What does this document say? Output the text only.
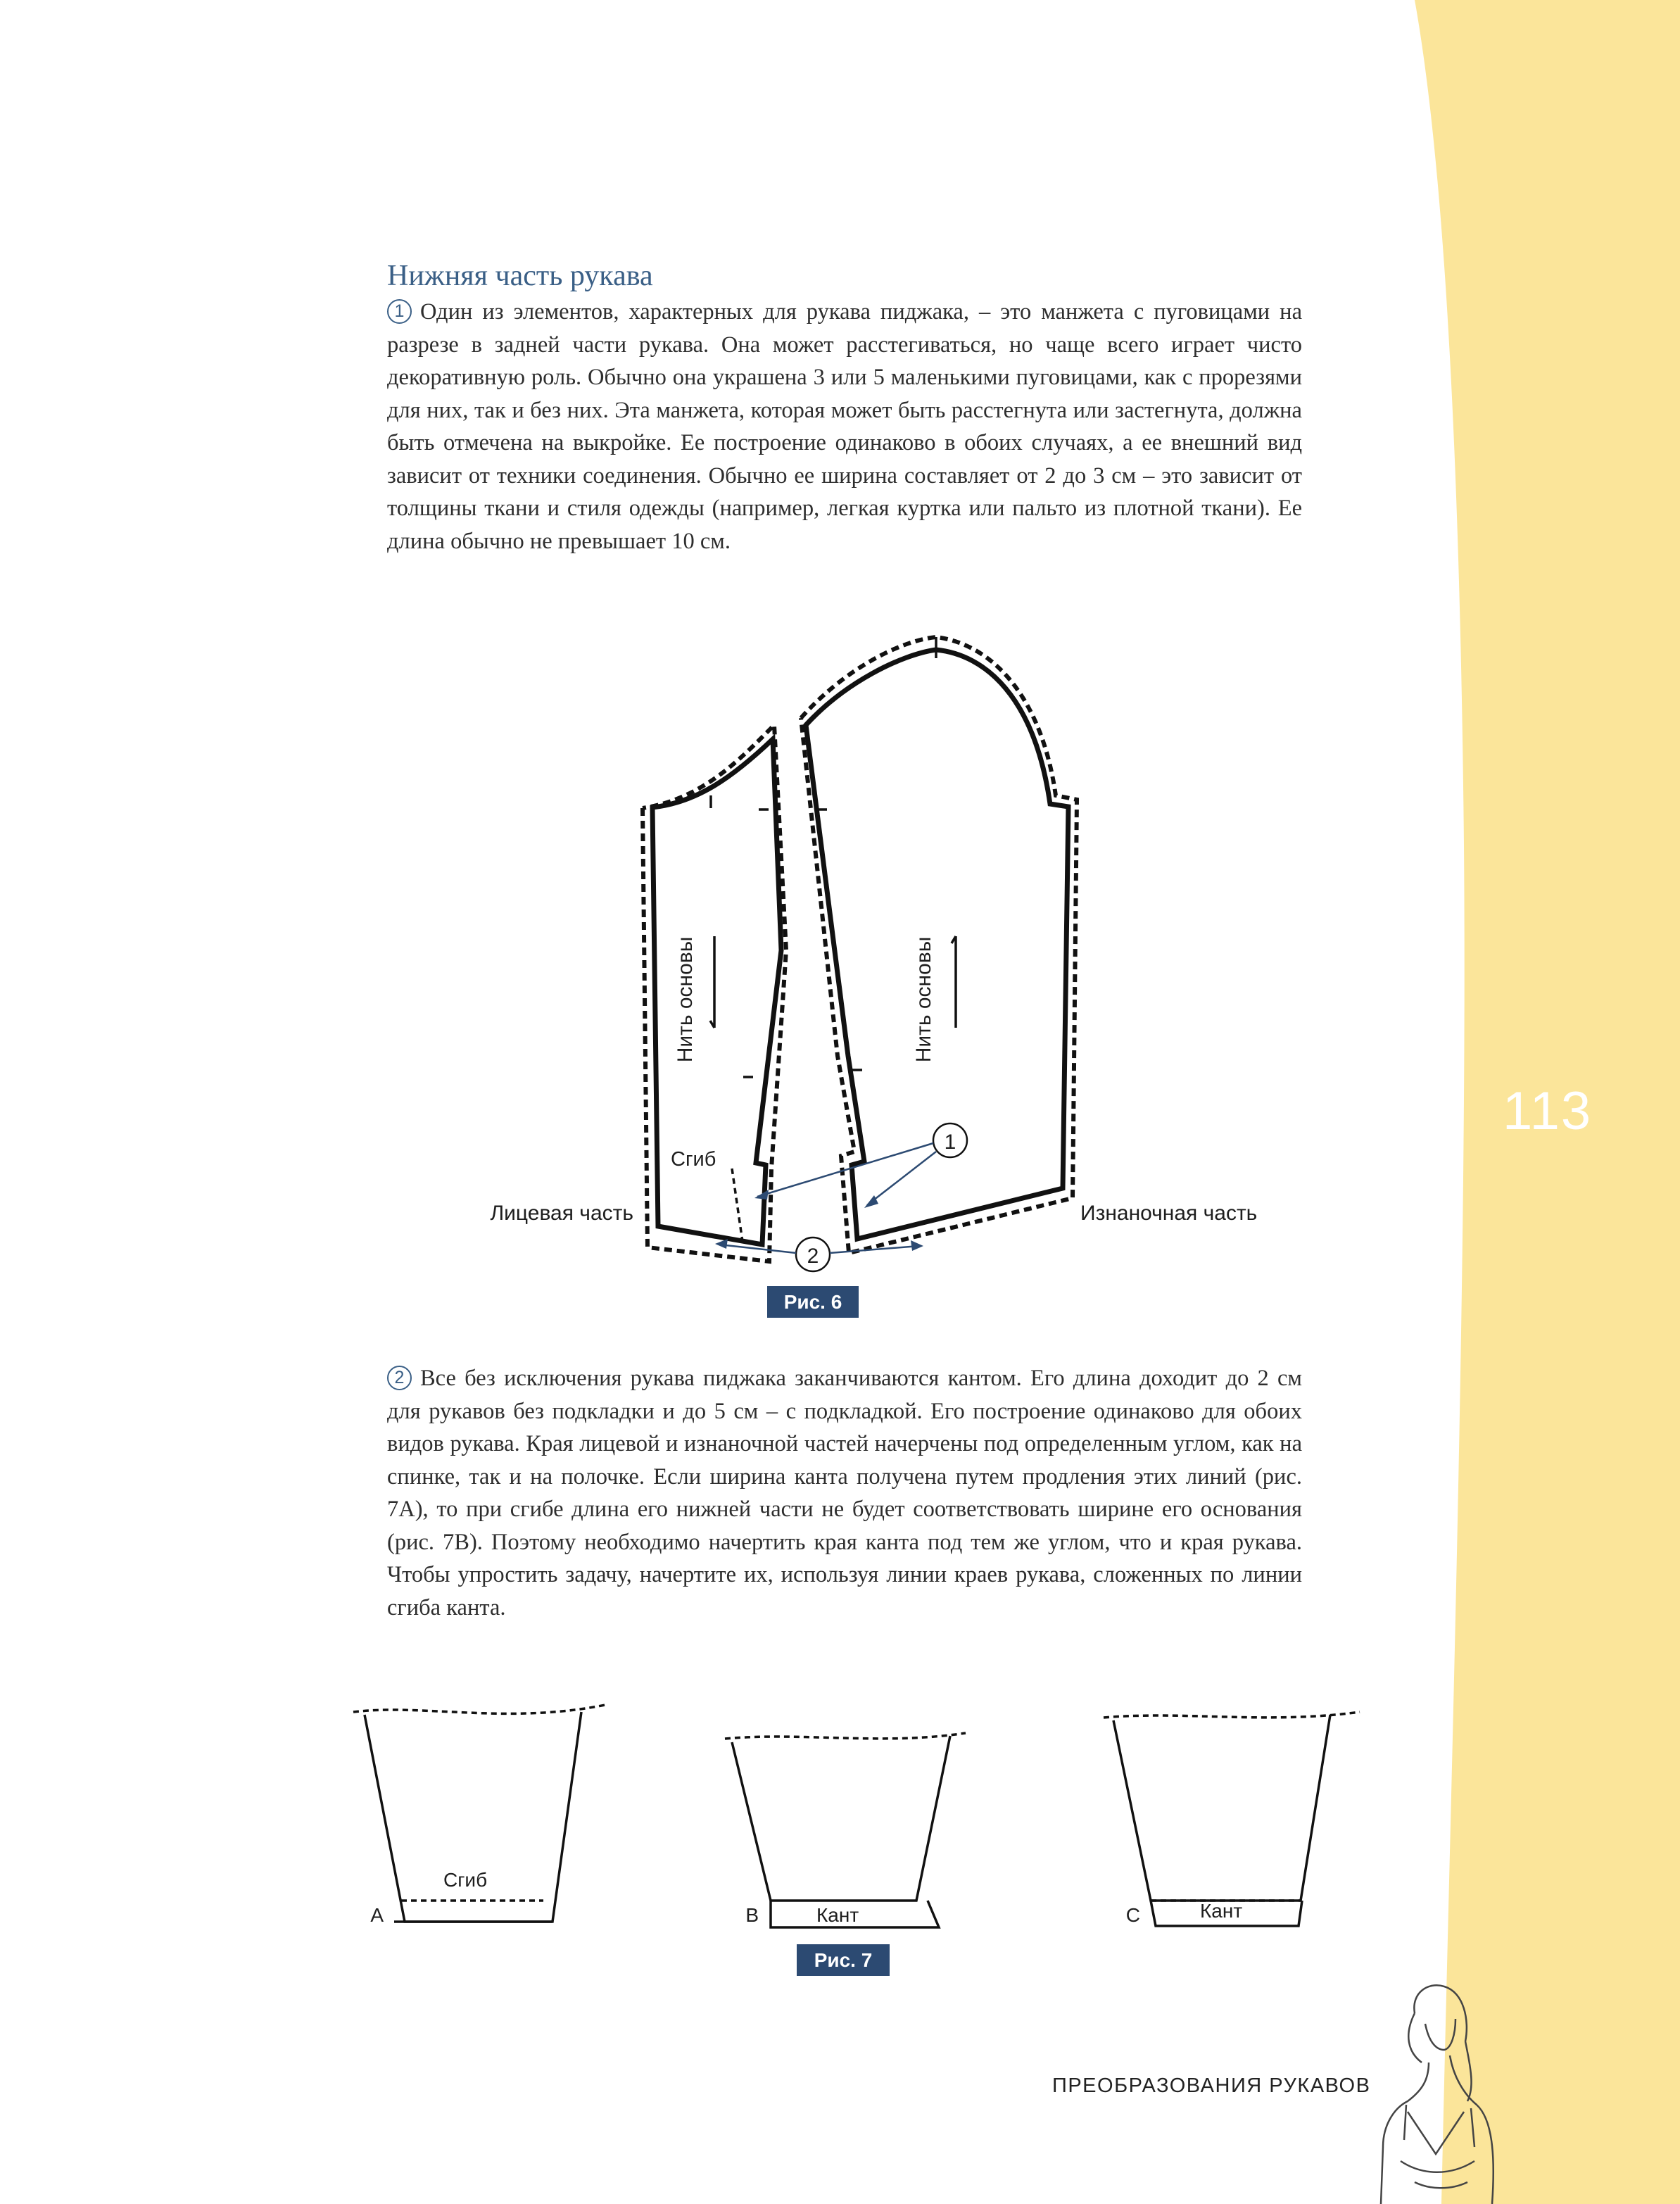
113
Нижняя часть рукава

1 Один из элементов, характерных для рукава пиджака, – это манжета с пуговицами на разрезе в задней части рукава. Она может расстегиваться, но чаще всего играет чисто декоративную роль. Обычно она украшена 3 или 5 маленькими пуговицами, как с прорезями для них, так и без них. Эта манжета, которая может быть расстегнута или застегнута, должна быть отмечена на выкройке. Ее построение одинаково в обоих случаях, а ее внешний вид зависит от техники соединения. Обычно ее ширина составляет от 2 до 3 см – это зависит от толщины ткани и стиля одежды (например, легкая куртка или пальто из плотной ткани). Ее длина обычно не превышает 10 см.

1
2
Нить основы	Нить основы
Сгиб
Лицевая часть	Изнаночная часть
Рис. 6

2 Все без исключения рукава пиджака заканчиваются кантом. Его длина доходит до 2 см для рукавов без подкладки и до 5 см – с подкладкой. Его построение одинаково для обоих видов рукава. Края лицевой и изнаночной частей начерчены под определенным углом, как на спинке, так и на полочке. Если ширина канта получена путем продления этих линий (рис. 7А), то при сгибе длина его нижней части не будет соответствовать ширине его основания (рис. 7В). Поэтому необходимо начертить края канта под тем же углом, что и края рукава. Чтобы упростить задачу, начертите их, используя линии краев рукава, сложенных по линии сгиба канта.

A
Сгиб
B	Кант	C	Кант
Рис. 7
ПРЕОБРАЗОВАНИЯ РУКАВОВ
